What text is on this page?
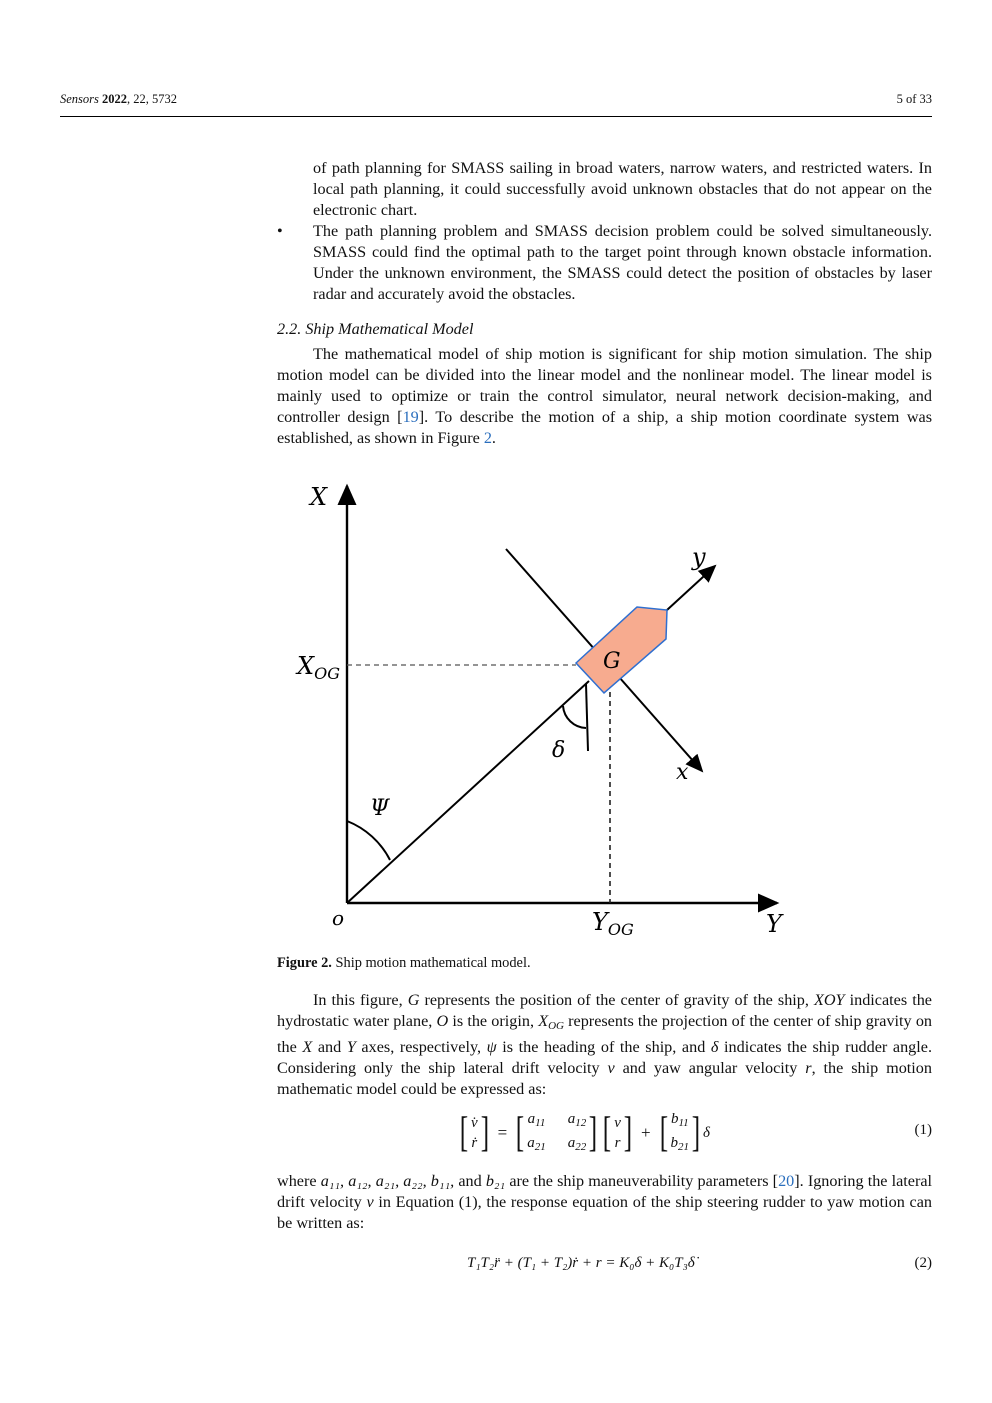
Sensors 2022, 22, 5732	5 of 33

of path planning for SMASS sailing in broad waters, narrow waters, and restricted waters. In local path planning, it could successfully avoid unknown obstacles that do not appear on the electronic chart.

• The path planning problem and SMASS decision problem could be solved simultaneously. SMASS could find the optimal path to the target point through known obstacle information. Under the unknown environment, the SMASS could detect the position of obstacles by laser radar and accurately avoid the obstacles.

2.2. Ship Mathematical Model

The mathematical model of ship motion is significant for ship motion simulation. The ship motion model can be divided into the linear model and the nonlinear model. The linear model is mainly used to optimize or train the control simulator, neural network decision-making, and controller design [19]. To describe the motion of a ship, a ship motion coordinate system was established, as shown in Figure 2.

X
Y
o
$X_{OG}$
$Y_{OG}$
G
x
y
Ψ
δ
Figure 2. Ship motion mathematical model.

In this figure, G represents the position of the center of gravity of the ship, XOY indicates the hydrostatic water plane, O is the origin, $X_{OG}$ represents the projection of the center of ship gravity on the X and Y axes, respectively, ψ is the heading of the ship, and δ indicates the ship rudder angle. Considering only the ship lateral drift velocity v and yaw angular velocity r, the ship motion mathematic model could be expressed as:

[ v̇
ṙ ] = [ $a_{11}$ $a_{12}$
$a_{21}$ $a_{22}$ ] [ v
r ] + [ $b_{11}$
$b_{21}$ ] δ	(1)

where a₁₁, a₁₂, a₂₁, a₂₂, b₁₁, and b₂₁ are the ship maneuverability parameters [20]. Ignoring the lateral drift velocity v in Equation (1), the response equation of the ship steering rudder to yaw motion can be written as:

T₁T₂r̈ + (T₁ + T₂)ṙ + r = K₀δ + K₀T₃δ̇	(2)
